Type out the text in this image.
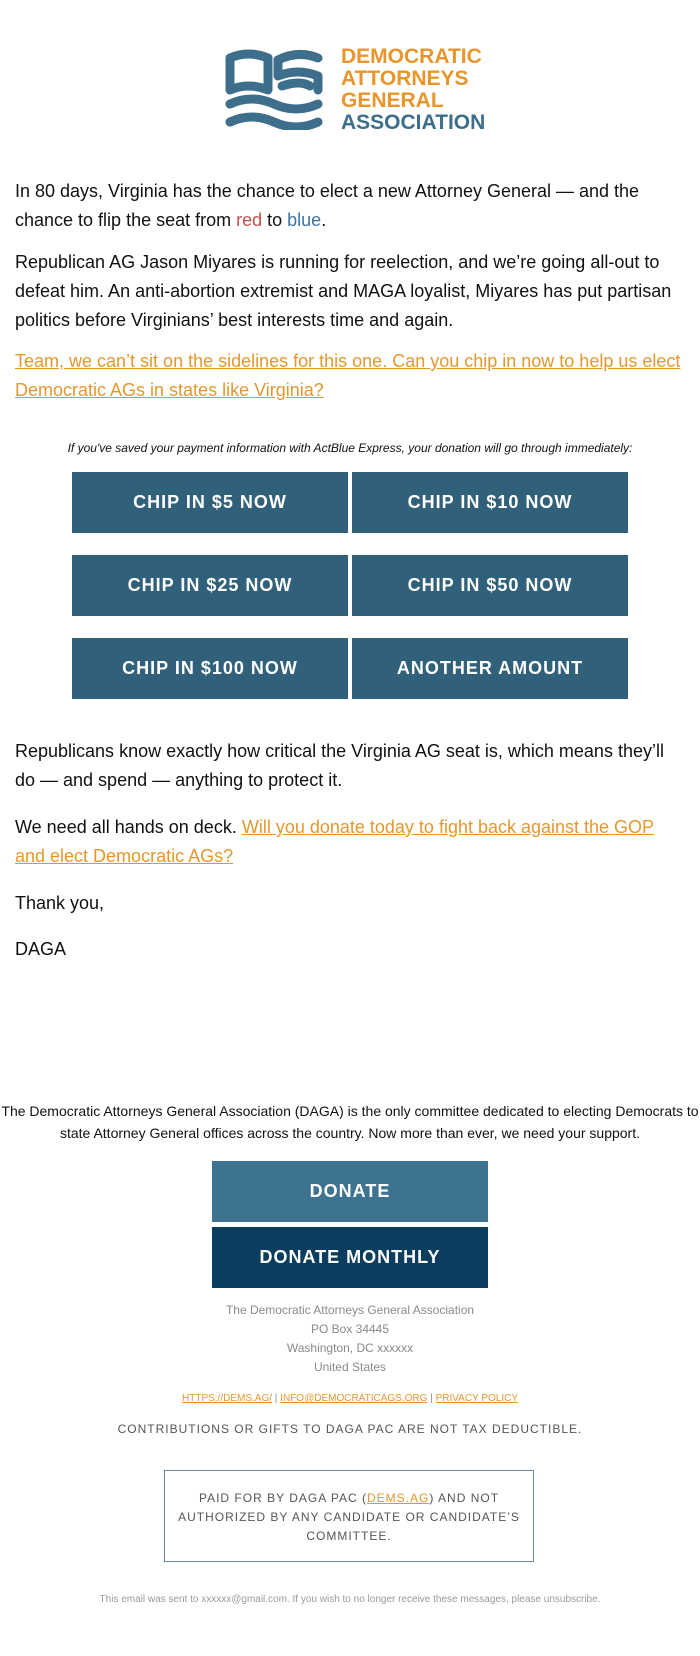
DEMOCRATIC
ATTORNEYS
GENERAL
ASSOCIATION

In 80 days, Virginia has the chance to elect a new Attorney General — and the chance to flip the seat from red to blue.

Republican AG Jason Miyares is running for reelection, and we’re going all-out to defeat him. An anti-abortion extremist and MAGA loyalist, Miyares has put partisan politics before Virginians’ best interests time and again.

Team, we can’t sit on the sidelines for this one. Can you chip in now to help us elect Democratic AGs in states like Virginia?

If you've saved your payment information with ActBlue Express, your donation will go through immediately:
CHIP IN $5 NOW	CHIP IN $10 NOW
CHIP IN $25 NOW	CHIP IN $50 NOW
CHIP IN $100 NOW	ANOTHER AMOUNT

Republicans know exactly how critical the Virginia AG seat is, which means they’ll do — and spend — anything to protect it.

We need all hands on deck. Will you donate today to fight back against the GOP and elect Democratic AGs?

Thank you,

DAGA

The Democratic Attorneys General Association (DAGA) is the only committee dedicated to electing Democrats to state Attorney General offices across the country. Now more than ever, we need your support.
DONATE
DONATE MONTHLY
The Democratic Attorneys General Association
PO Box 34445
Washington, DC xxxxxx
United States
HTTPS://DEMS.AG/ | INFO@DEMOCRATICAGS.ORG | PRIVACY POLICY
CONTRIBUTIONS OR GIFTS TO DAGA PAC ARE NOT TAX DEDUCTIBLE.
PAID FOR BY DAGA PAC (DEMS.AG) AND NOT AUTHORIZED BY ANY CANDIDATE OR CANDIDATE’S COMMITTEE.
This email was sent to xxxxxx@gmail.com. If you wish to no longer receive these messages, please unsubscribe.
